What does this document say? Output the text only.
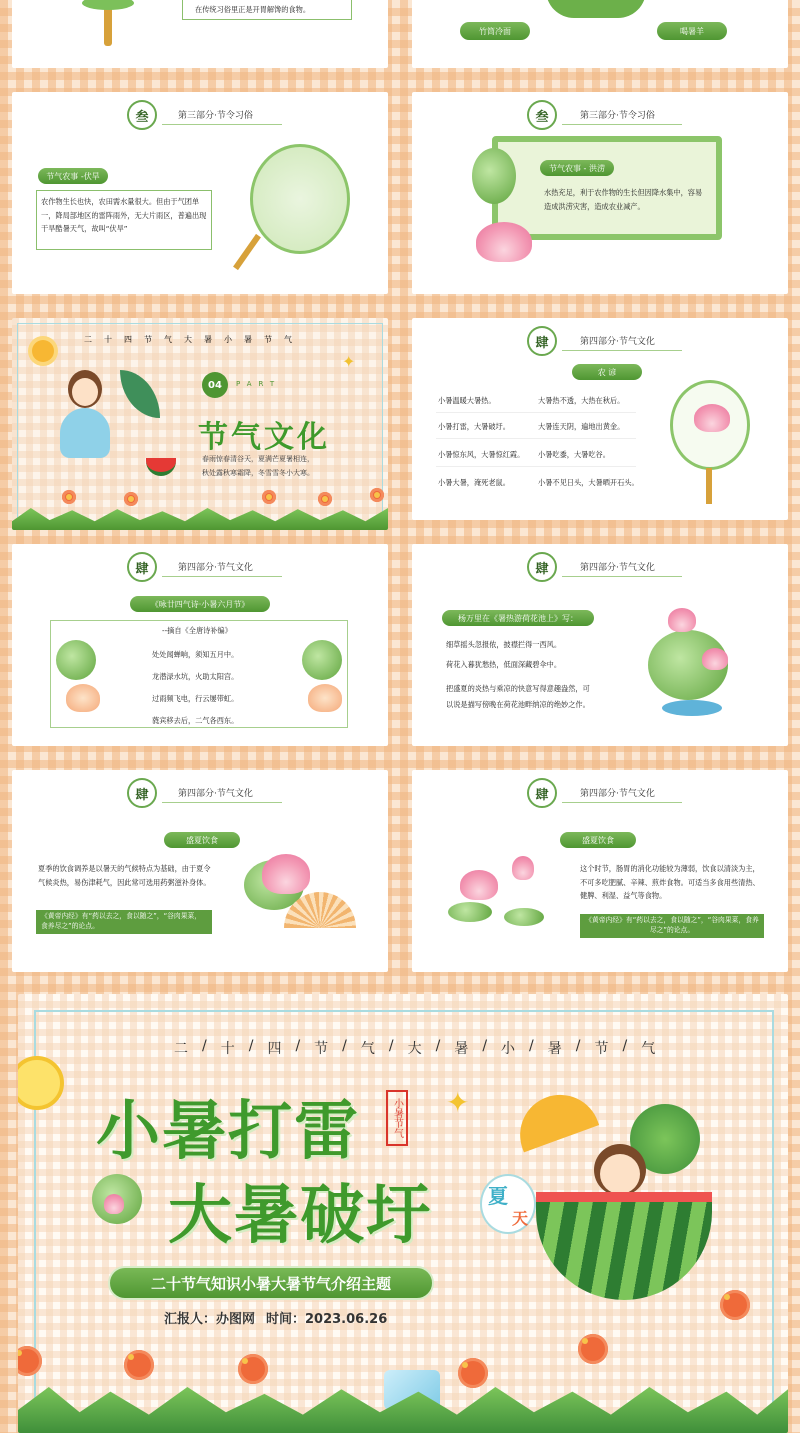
在传统习俗里正是开胃解馋的食物。
竹筒冷面	喝暑羊
叁	第三部分·节令习俗
节气农事 -伏旱
农作物生长也快，农田需水量很大。但由于气团单一，降局部地区的雷阵雨外，无大片雨区，普遍出现干旱酷暑天气，故叫“伏旱”
叁	第三部分·节令习俗
节气农事 - 洪涝
水热充足，利于农作物的生长但因降水集中，容易造成洪涝灾害，造成农业减产。
二 十 四 节 气 大 暑 小 暑 节 气
✦
04	PART
节气文化
春雨惊春清谷天，夏满芒夏暑相连，
秋处露秋寒霜降，冬雪雪冬小大寒。
肆	第四部分·节气文化
农 谚
小暑温暖大暑热。	大暑热不透，大热在秋后。
小暑打雷，大暑破圩。	大暑连天阴，遍地出黄金。
小暑惊东风，大暑惊红霞。 小暑吃黍，大暑吃谷。
小暑大暑，淹死老鼠。	小暑不见日头，大暑晒开石头。
肆	第四部分·节气文化
《咏廿四气诗·小暑六月节》
--摘自《全唐诗补编》
处处闻蝉响，须知五月中。
龙潜渌水坑，火助太阳宫。
过雨频飞电，行云屡带虹。
蕤宾移去后，二气各西东。
肆	第四部分·节气文化
杨万里在《暑热游荷花池上》写：
细草摇头忽报侬，披襟拦得一西风。
荷花入暮犹愁热，低面深藏碧伞中。
把盛夏的炎热与乘凉的快意写得意趣盎然，可
以说是描写傍晚在荷花池畔纳凉的绝妙之作。
肆	第四部分·节气文化
盛夏饮食
夏季的饮食调养是以暑天的气候特点为基础，由于夏令气候炎热，易伤津耗气，因此常可选用药粥滋补身体。
《黄帝内经》有“药以去之，食以随之”，“谷肉果菜，食养尽之”的论点。
肆	第四部分·节气文化
盛夏饮食
这个时节，肠胃的消化功能较为薄弱，饮食以清淡为主，不可多吃肥腻、辛辣、煎炸食物。可适当多食用些清热、健脾、利湿、益气等食物。
《黄帝内经》有“药以去之，食以随之”，“谷肉果菜，食养尽之”的论点。
二 / 十 / 四 / 节 / 气 / 大 / 暑 / 小 / 暑 / 节 / 气
✦
小暑打雷	小暑节气
大暑破圩	夏
天
二十节气知识小暑大暑节气介绍主题
汇报人：办图网 时间：2023.06.26
